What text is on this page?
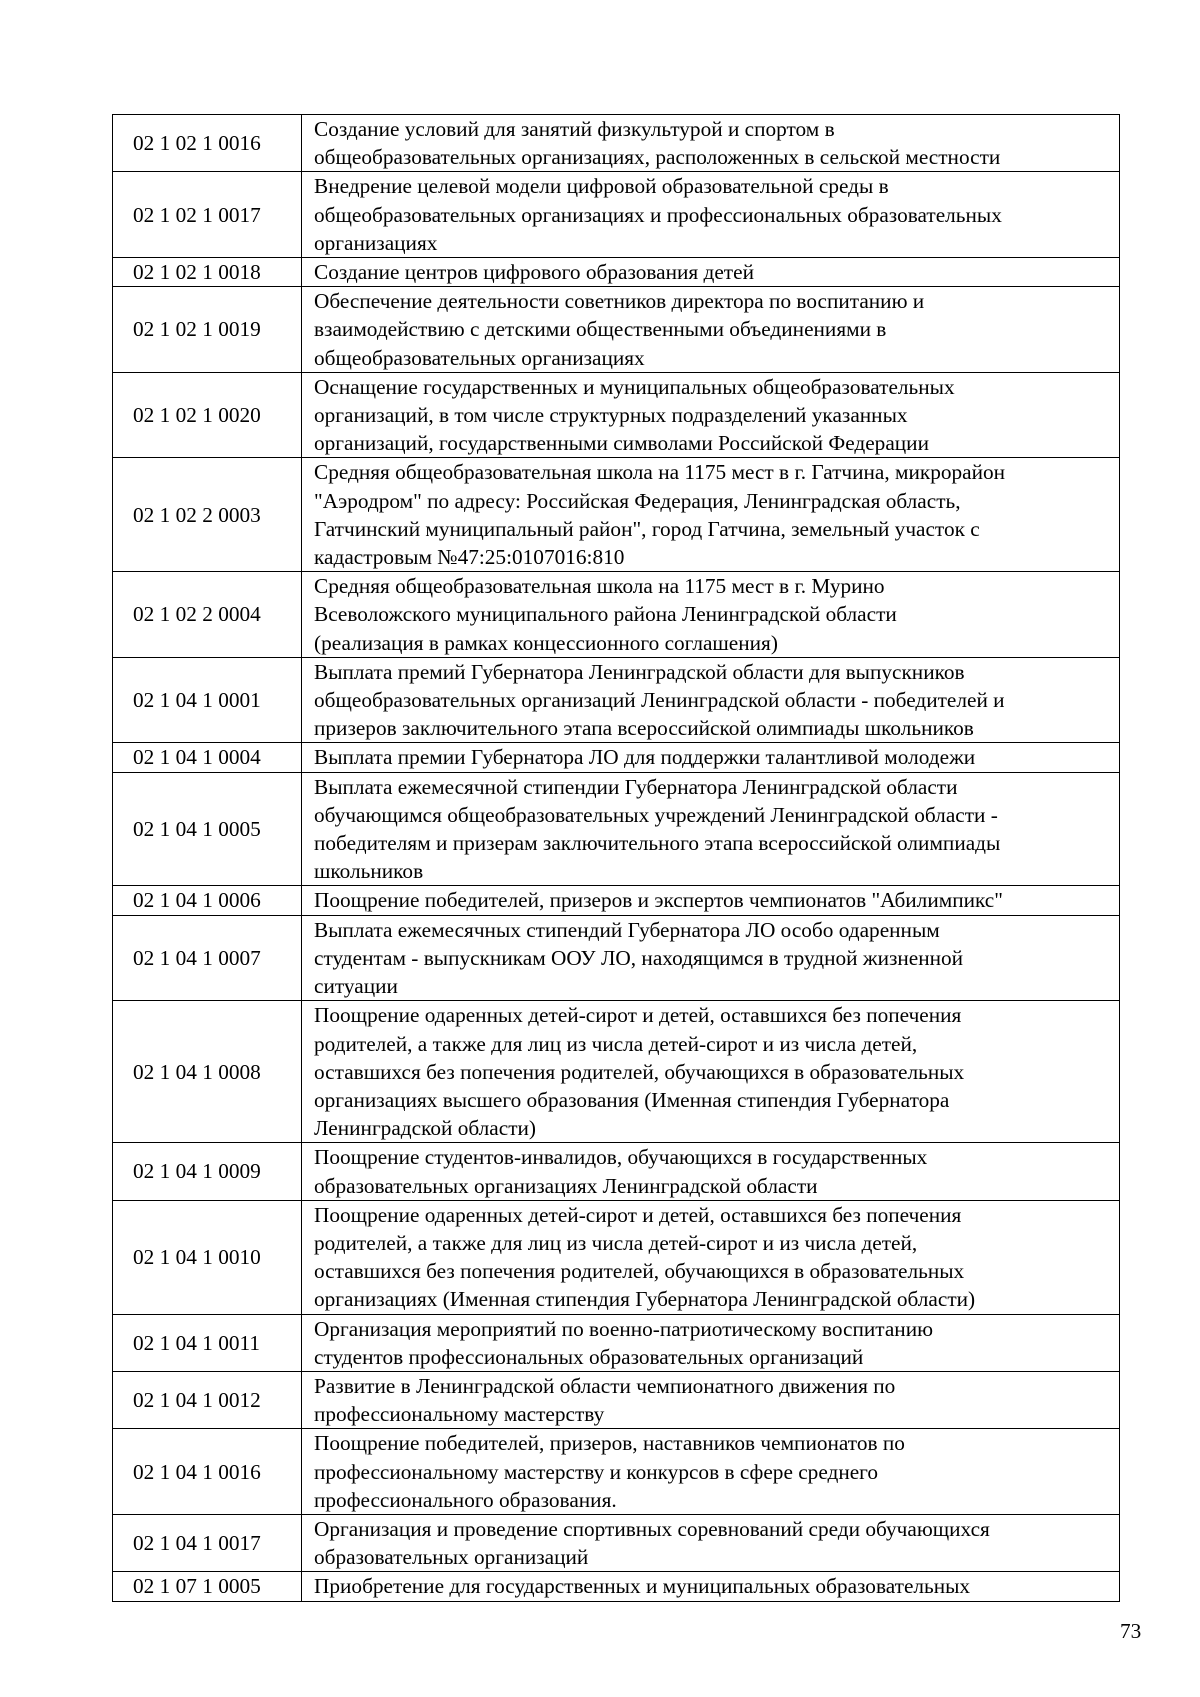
02 1 02 1 0016	Создание условий для занятий физкультурой и спортом в
общеобразовательных организациях, расположенных в сельской местности
02 1 02 1 0017	Внедрение целевой модели цифровой образовательной среды в
общеобразовательных организациях и профессиональных образовательных
организациях
02 1 02 1 0018	Создание центров цифрового образования детей
02 1 02 1 0019	Обеспечение деятельности советников директора по воспитанию и
взаимодействию с детскими общественными объединениями в
общеобразовательных организациях
02 1 02 1 0020	Оснащение государственных и муниципальных общеобразовательных
организаций, в том числе структурных подразделений указанных
организаций, государственными символами Российской Федерации
02 1 02 2 0003	Средняя общеобразовательная школа на 1175 мест в г. Гатчина, микрорайон
"Аэродром" по адресу: Российская Федерация, Ленинградская область,
Гатчинский муниципальный район", город Гатчина, земельный участок с
кадастровым №47:25:0107016:810
02 1 02 2 0004	Средняя общеобразовательная школа на 1175 мест в г. Мурино
Всеволожского муниципального района Ленинградской области
(реализация в рамках концессионного соглашения)
02 1 04 1 0001	Выплата премий Губернатора Ленинградской области для выпускников
общеобразовательных организаций Ленинградской области - победителей и
призеров заключительного этапа всероссийской олимпиады школьников
02 1 04 1 0004	Выплата премии Губернатора ЛО для поддержки талантливой молодежи
02 1 04 1 0005	Выплата ежемесячной стипендии Губернатора Ленинградской области
обучающимся общеобразовательных учреждений Ленинградской области -
победителям и призерам заключительного этапа всероссийской олимпиады
школьников
02 1 04 1 0006	Поощрение победителей, призеров и экспертов чемпионатов "Абилимпикс"
02 1 04 1 0007	Выплата ежемесячных стипендий Губернатора ЛО особо одаренным
студентам - выпускникам ООУ ЛО, находящимся в трудной жизненной
ситуации
02 1 04 1 0008	Поощрение одаренных детей-сирот и детей, оставшихся без попечения
родителей, а также для лиц из числа детей-сирот и из числа детей,
оставшихся без попечения родителей, обучающихся в образовательных
организациях высшего образования (Именная стипендия Губернатора
Ленинградской области)
02 1 04 1 0009	Поощрение студентов-инвалидов, обучающихся в государственных
образовательных организациях Ленинградской области
02 1 04 1 0010	Поощрение одаренных детей-сирот и детей, оставшихся без попечения
родителей, а также для лиц из числа детей-сирот и из числа детей,
оставшихся без попечения родителей, обучающихся в образовательных
организациях (Именная стипендия Губернатора Ленинградской области)
02 1 04 1 0011	Организация мероприятий по военно-патриотическому воспитанию
студентов профессиональных образовательных организаций
02 1 04 1 0012	Развитие в Ленинградской области чемпионатного движения по
профессиональному мастерству
02 1 04 1 0016	Поощрение победителей, призеров, наставников чемпионатов по
профессиональному мастерству и конкурсов в сфере среднего
профессионального образования.
02 1 04 1 0017	Организация и проведение спортивных соревнований среди обучающихся
образовательных организаций
02 1 07 1 0005	Приобретение для государственных и муниципальных образовательных
73
